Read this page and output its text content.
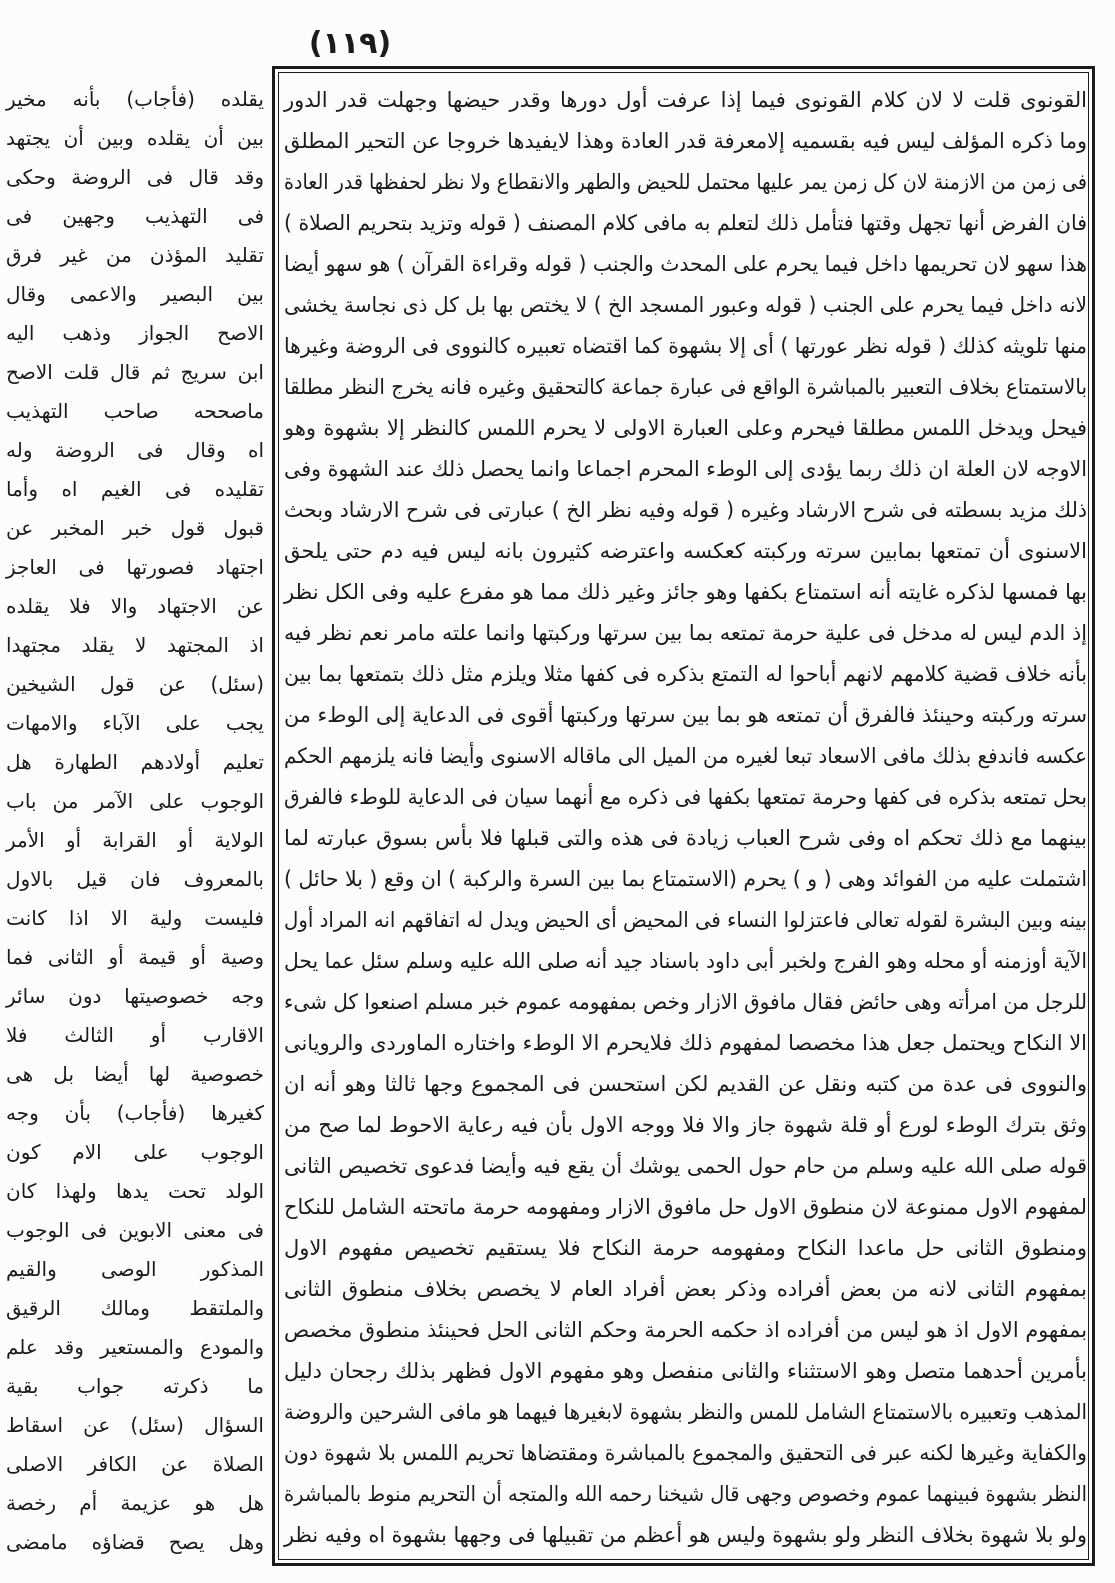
(١١٩)
القونوى قلت لا لان كلام القونوى فيما إذا عرفت أول دورها وقدر حيضها وجهلت قدر الدور
وما ذكره المؤلف ليس فيه بقسميه إلامعرفة قدر العادة وهذا لايفيدها خروجا عن التحير المطلق
فى زمن من الازمنة لان كل زمن يمر عليها محتمل للحيض والطهر والانقطاع ولا نظر لحفظها قدر العادة
فان الفرض أنها تجهل وقتها فتأمل ذلك لتعلم به مافى كلام المصنف ( قوله وتزيد بتحريم الصلاة )
هذا سهو لان تحريمها داخل فيما يحرم على المحدث والجنب ( قوله وقراءة القرآن ) هو سهو أيضا
لانه داخل فيما يحرم على الجنب ( قوله وعبور المسجد الخ ) لا يختص بها بل كل ذى نجاسة يخشى
منها تلويثه كذلك ( قوله نظر عورتها ) أى إلا بشهوة كما اقتضاه تعبيره كالنووى فى الروضة وغيرها
بالاستمتاع بخلاف التعبير بالمباشرة الواقع فى عبارة جماعة كالتحقيق وغيره فانه يخرج النظر مطلقا
فيحل ويدخل اللمس مطلقا فيحرم وعلى العبارة الاولى لا يحرم اللمس كالنظر إلا بشهوة وهو
الاوجه لان العلة ان ذلك ربما يؤدى إلى الوطء المحرم اجماعا وانما يحصل ذلك عند الشهوة وفى
ذلك مزيد بسطته فى شرح الارشاد وغيره ( قوله وفيه نظر الخ ) عبارتى فى شرح الارشاد وبحث
الاسنوى أن تمتعها بمابين سرته وركبته كعكسه واعترضه كثيرون بانه ليس فيه دم حتى يلحق
بها فمسها لذكره غايته أنه استمتاع بكفها وهو جائز وغير ذلك مما هو مفرع عليه وفى الكل نظر
إذ الدم ليس له مدخل فى علية حرمة تمتعه بما بين سرتها وركبتها وانما علته مامر نعم نظر فيه
بأنه خلاف قضية كلامهم لانهم أباحوا له التمتع بذكره فى كفها مثلا ويلزم مثل ذلك بتمتعها بما بين
سرته وركبته وحينئذ فالفرق أن تمتعه هو بما بين سرتها وركبتها أقوى فى الدعاية إلى الوطء من
عكسه فاندفع بذلك مافى الاسعاد تبعا لغيره من الميل الى ماقاله الاسنوى وأيضا فانه يلزمهم الحكم
بحل تمتعه بذكره فى كفها وحرمة تمتعها بكفها فى ذكره مع أنهما سيان فى الدعاية للوطء فالفرق
بينهما مع ذلك تحكم اه وفى شرح العباب زيادة فى هذه والتى قبلها فلا بأس بسوق عبارته لما
اشتملت عليه من الفوائد وهى ( و ) يحرم (الاستمتاع بما بين السرة والركبة ) ان وقع ( بلا حائل )
بينه وبين البشرة لقوله تعالى فاعتزلوا النساء فى المحيض أى الحيض ويدل له اتفاقهم انه المراد أول
الآية أوزمنه أو محله وهو الفرج ولخبر أبى داود باسناد جيد أنه صلى الله عليه وسلم سئل عما يحل
للرجل من امرأته وهى حائض فقال مافوق الازار وخص بمفهومه عموم خبر مسلم اصنعوا كل شىء
الا النكاح ويحتمل جعل هذا مخصصا لمفهوم ذلك فلايحرم الا الوطء واختاره الماوردى والرويانى
والنووى فى عدة من كتبه ونقل عن القديم لكن استحسن فى المجموع وجها ثالثا وهو أنه ان
وثق بترك الوطء لورع أو قلة شهوة جاز والا فلا ووجه الاول بأن فيه رعاية الاحوط لما صح من
قوله صلى الله عليه وسلم من حام حول الحمى يوشك أن يقع فيه وأيضا فدعوى تخصيص الثانى
لمفهوم الاول ممنوعة لان منطوق الاول حل مافوق الازار ومفهومه حرمة ماتحته الشامل للنكاح
ومنطوق الثانى حل ماعدا النكاح ومفهومه حرمة النكاح فلا يستقيم تخصيص مفهوم الاول
بمفهوم الثانى لانه من بعض أفراده وذكر بعض أفراد العام لا يخصص بخلاف منطوق الثانى
بمفهوم الاول اذ هو ليس من أفراده اذ حكمه الحرمة وحكم الثانى الحل فحينئذ منطوق مخصص
بأمرين أحدهما متصل وهو الاستثناء والثانى منفصل وهو مفهوم الاول فظهر بذلك رجحان دليل
المذهب وتعبيره بالاستمتاع الشامل للمس والنظر بشهوة لابغيرها فيهما هو مافى الشرحين والروضة
والكفاية وغيرها لكنه عبر فى التحقيق والمجموع بالمباشرة ومقتضاها تحريم اللمس بلا شهوة دون
النظر بشهوة فبينهما عموم وخصوص وجهى قال شيخنا رحمه الله والمتجه أن التحريم منوط بالمباشرة
ولو بلا شهوة بخلاف النظر ولو بشهوة وليس هو أعظم من تقبيلها فى وجهها بشهوة اه وفيه نظر
يقلده (فأجاب) بأنه مخير
بين أن يقلده وبين أن يجتهد
وقد قال فى الروضة وحكى
فى التهذيب وجهين فى
تقليد المؤذن من غير فرق
بين البصير والاعمى وقال
الاصح الجواز وذهب اليه
ابن سريج ثم قال قلت الاصح
ماصححه صاحب التهذيب
اه وقال فى الروضة وله
تقليده فى الغيم اه وأما
قبول قول خبر المخبر عن
اجتهاد فصورتها فى العاجز
عن الاجتهاد والا فلا يقلده
اذ المجتهد لا يقلد مجتهدا
(سئل) عن قول الشيخين
يجب على الآباء والامهات
تعليم أولادهم الطهارة هل
الوجوب على الآمر من باب
الولاية أو القرابة أو الأمر
بالمعروف فان قيل بالاول
فليست ولية الا اذا كانت
وصية أو قيمة أو الثانى فما
وجه خصوصيتها دون سائر
الاقارب أو الثالث فلا
خصوصية لها أيضا بل هى
كغيرها (فأجاب) بأن وجه
الوجوب على الام كون
الولد تحت يدها ولهذا كان
فى معنى الابوين فى الوجوب
المذكور الوصى والقيم
والملتقط ومالك الرقيق
والمودع والمستعير وقد علم
ما ذكرته جواب بقية
السؤال (سئل) عن اسقاط
الصلاة عن الكافر الاصلى
هل هو عزيمة أم رخصة
وهل يصح قضاؤه مامضى
